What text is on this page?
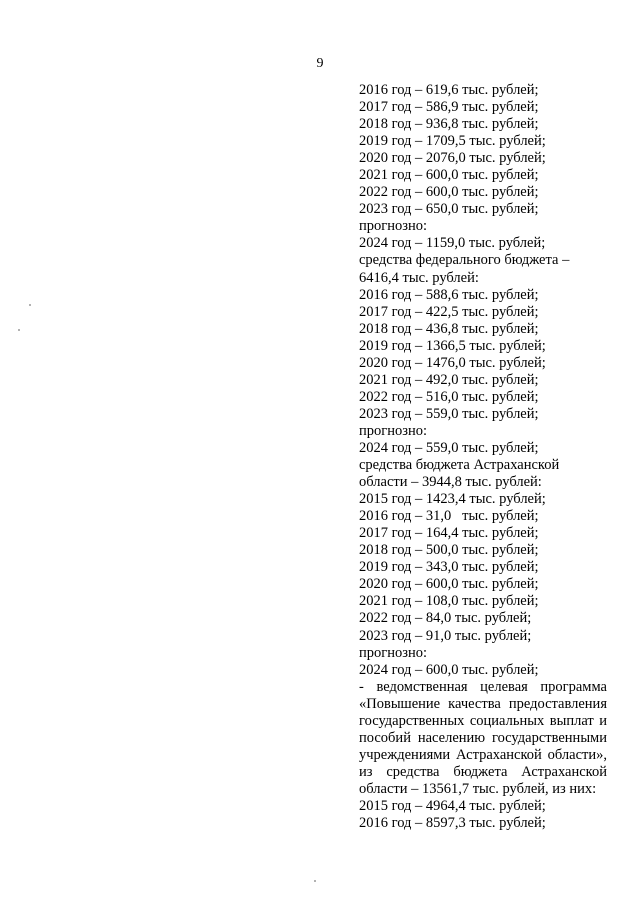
9
2016 год – 619,6 тыс. рублей;
2017 год – 586,9 тыс. рублей;
2018 год – 936,8 тыс. рублей;
2019 год – 1709,5 тыс. рублей;
2020 год – 2076,0 тыс. рублей;
2021 год – 600,0 тыс. рублей;
2022 год – 600,0 тыс. рублей;
2023 год – 650,0 тыс. рублей;
прогнозно:
2024 год – 1159,0 тыс. рублей;
средства федерального бюджета –
6416,4 тыс. рублей:
2016 год – 588,6 тыс. рублей;
2017 год – 422,5 тыс. рублей;
2018 год – 436,8 тыс. рублей;
2019 год – 1366,5 тыс. рублей;
2020 год – 1476,0 тыс. рублей;
2021 год – 492,0 тыс. рублей;
2022 год – 516,0 тыс. рублей;
2023 год – 559,0 тыс. рублей;
прогнозно:
2024 год – 559,0 тыс. рублей;
средства бюджета Астраханской
области – 3944,8 тыс. рублей:
2015 год – 1423,4 тыс. рублей;
2016 год – 31,0   тыс. рублей;
2017 год – 164,4 тыс. рублей;
2018 год – 500,0 тыс. рублей;
2019 год – 343,0 тыс. рублей;
2020 год – 600,0 тыс. рублей;
2021 год – 108,0 тыс. рублей;
2022 год – 84,0 тыс. рублей;
2023 год – 91,0 тыс. рублей;
прогнозно:
2024 год – 600,0 тыс. рублей;
- ведомственная целевая программа «Повышение качества предоставления государственных социальных выплат и пособий населению государственными учреждениями Астраханской области», из средства бюджета Астраханской области – 13561,7 тыс. рублей, из них:
2015 год – 4964,4 тыс. рублей;
2016 год – 8597,3 тыс. рублей;
